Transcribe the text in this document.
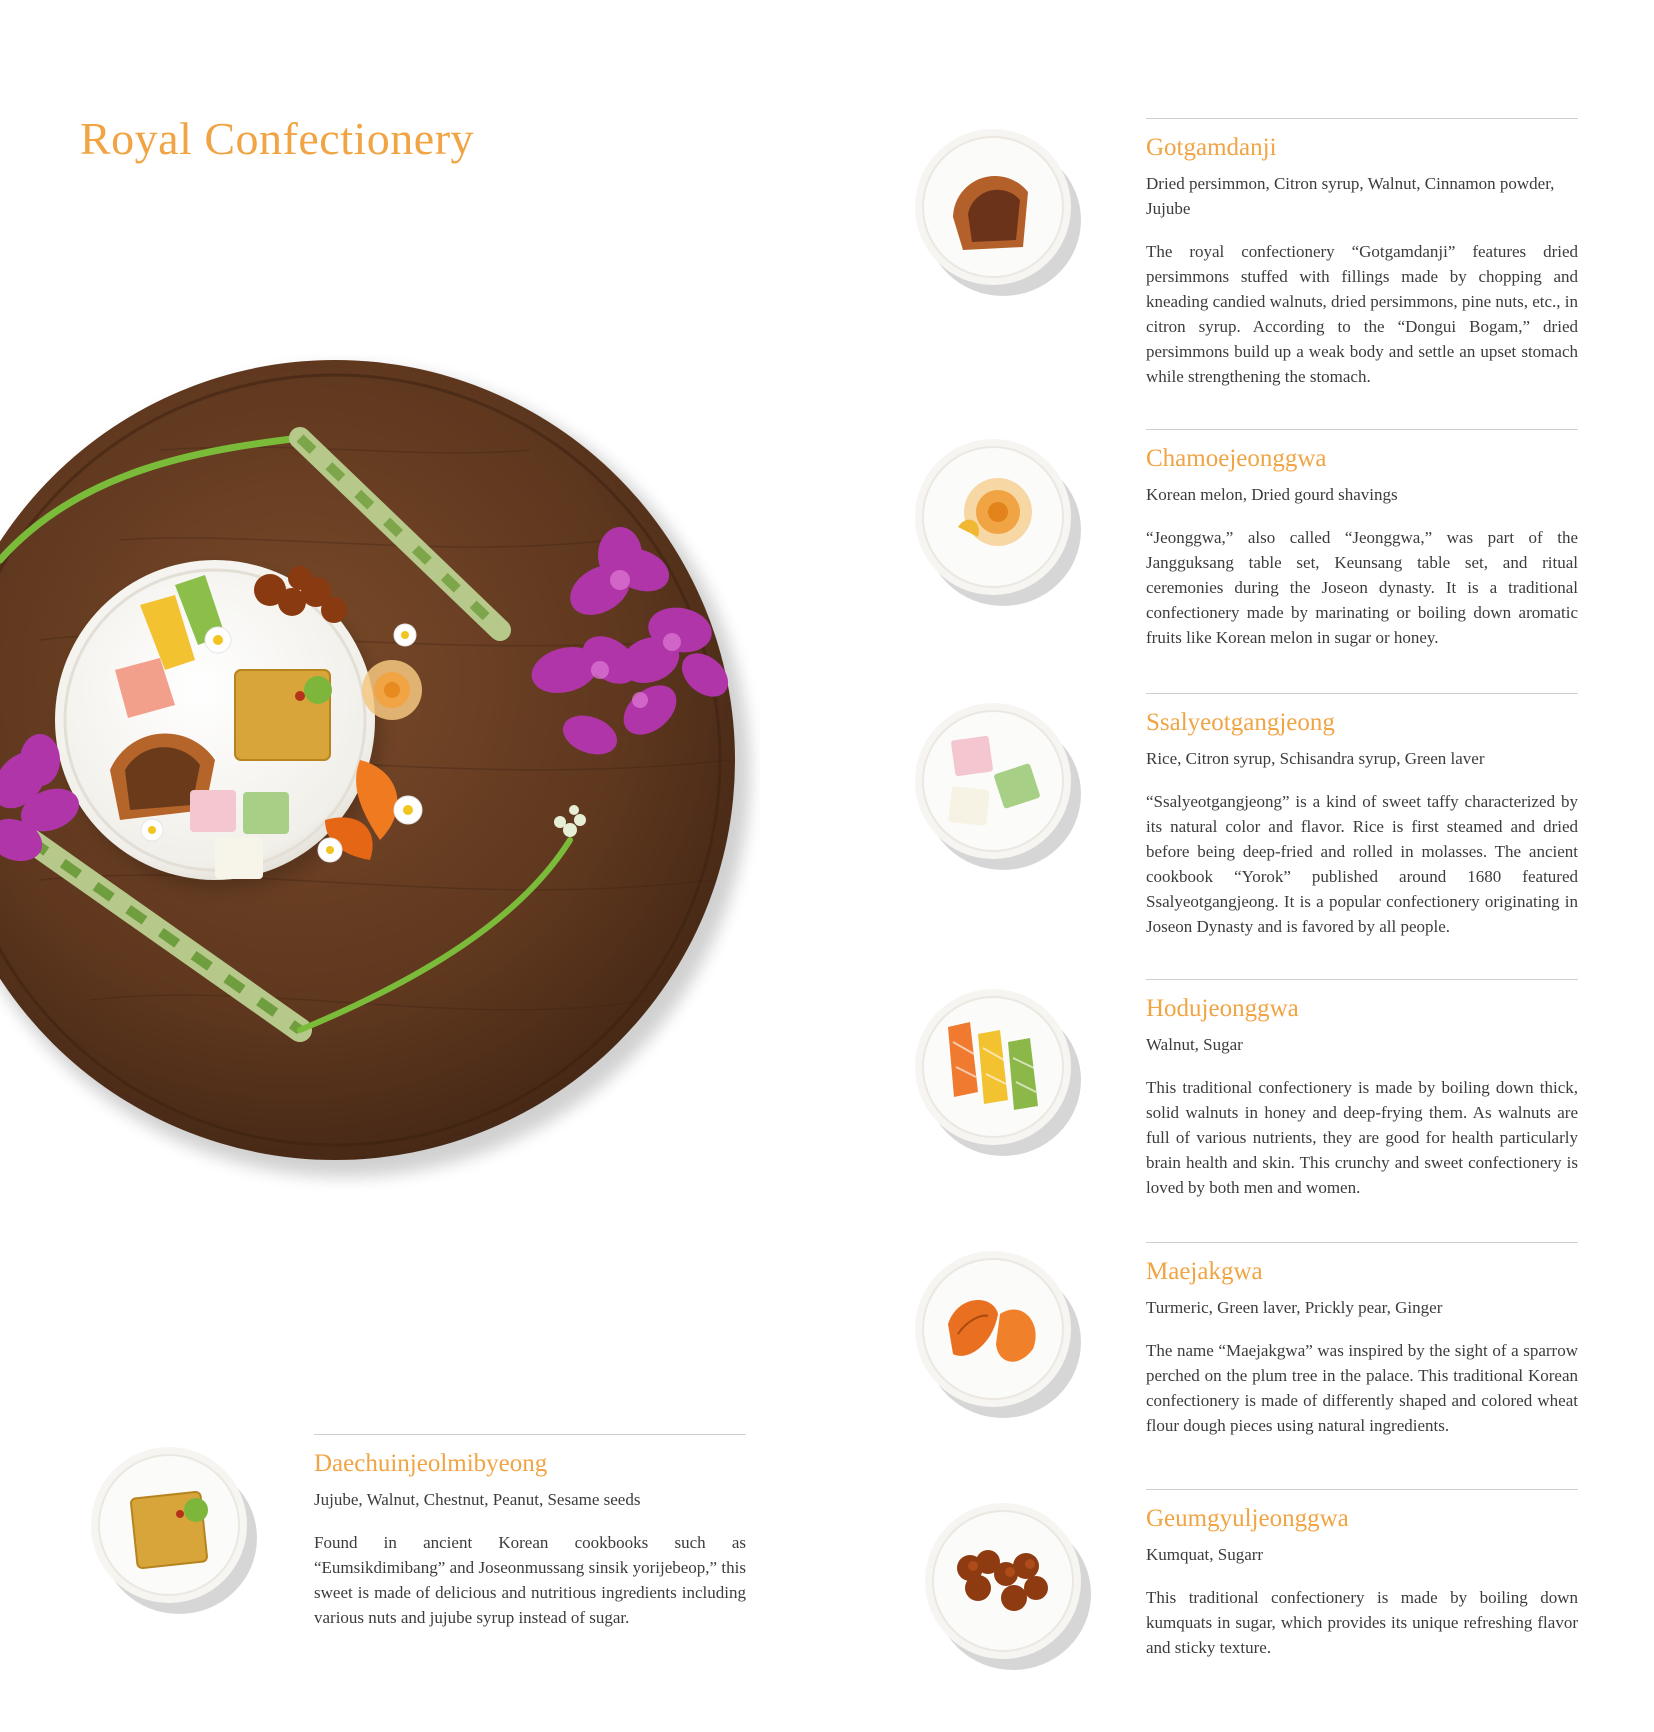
Royal Confectionery	Gotgamdanji

Dried persimmon, Citron syrup, Walnut, Cinnamon powder, Jujube

The royal confectionery “Gotgamdanji” features dried persimmons stuffed with fillings made by chopping and kneading candied walnuts, dried persimmons, pine nuts, etc., in citron syrup. According to the “Dongui Bogam,” dried persimmons build up a weak body and settle an upset stomach while strengthening the stomach.

Chamoejeonggwa

Korean melon, Dried gourd shavings

“Jeonggwa,” also called “Jeonggwa,” was part of the Jangguksang table set, Keunsang table set, and ritual ceremonies during the Joseon dynasty. It is a traditional confectionery made by marinating or boiling down aromatic fruits like Korean melon in sugar or honey.

Ssalyeotgangjeong

Rice, Citron syrup, Schisandra syrup, Green laver

“Ssalyeotgangjeong” is a kind of sweet taffy characterized by its natural color and flavor. Rice is first steamed and dried before being deep-fried and rolled in molasses. The ancient cookbook “Yorok” published around 1680 featured Ssalyeotgangjeong. It is a popular confectionery originating in Joseon Dynasty and is favored by all people.

Hodujeonggwa

Walnut, Sugar

This traditional confectionery is made by boiling down thick, solid walnuts in honey and deep-frying them. As walnuts are full of various nutrients, they are good for health particularly brain health and skin. This crunchy and sweet confectionery is loved by both men and women.

Maejakgwa

Turmeric, Green laver, Prickly pear, Ginger

The name “Maejakgwa” was inspired by the sight of a sparrow perched on the plum tree in the palace. This traditional Korean confectionery is made of differently shaped and colored wheat flour dough pieces using natural ingredients.

Geumgyuljeonggwa

Kumquat, Sugarr

This traditional confectionery is made by boiling down kumquats in sugar, which provides its unique refreshing flavor and sticky texture.

Daechuinjeolmibyeong

Jujube, Walnut, Chestnut, Peanut, Sesame seeds

Found in ancient Korean cookbooks such as “Eumsikdimibang” and Joseonmussang sinsik yorijebeop,” this sweet is made of delicious and nutritious ingredients including various nuts and jujube syrup instead of sugar.
